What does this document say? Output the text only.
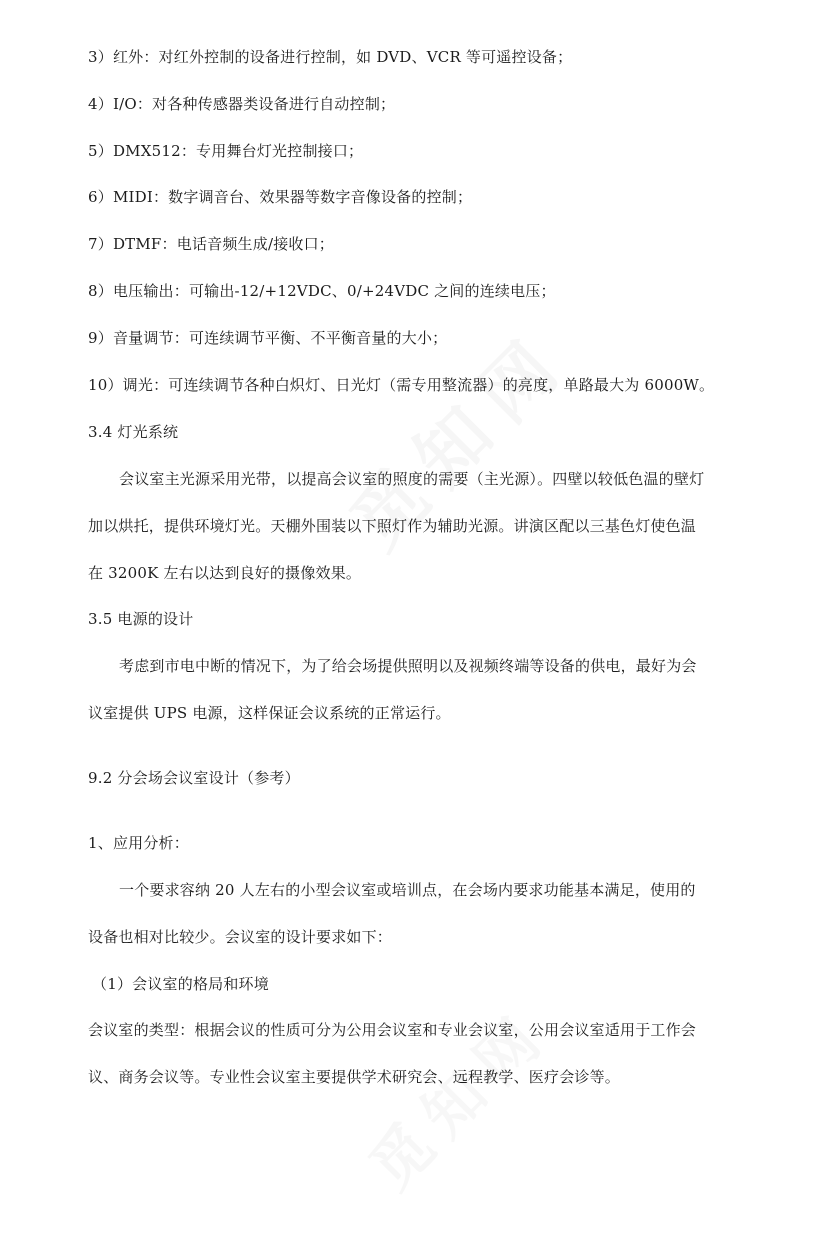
3）红外：对红外控制的设备进行控制，如 DVD、VCR 等可遥控设备；
4）I/O：对各种传感器类设备进行自动控制；
5）DMX512：专用舞台灯光控制接口；
6）MIDI：数字调音台、效果器等数字音像设备的控制；
7）DTMF：电话音频生成/接收口；
8）电压输出：可输出-12/+12VDC、0/+24VDC 之间的连续电压；
9）音量调节：可连续调节平衡、不平衡音量的大小；
10）调光：可连续调节各种白炽灯、日光灯（需专用整流器）的亮度，单路最大为 6000W。
3.4 灯光系统
会议室主光源采用光带，以提高会议室的照度的需要（主光源）。四壁以较低色温的壁灯
加以烘托，提供环境灯光。天棚外围装以下照灯作为辅助光源。讲演区配以三基色灯使色温
在 3200K 左右以达到良好的摄像效果。
3.5 电源的设计
考虑到市电中断的情况下，为了给会场提供照明以及视频终端等设备的供电，最好为会
议室提供 UPS 电源，这样保证会议系统的正常运行。
9.2 分会场会议室设计（参考）
1、应用分析：
一个要求容纳 20 人左右的小型会议室或培训点，在会场内要求功能基本满足，使用的
设备也相对比较少。会议室的设计要求如下：
（1）会议室的格局和环境
会议室的类型：根据会议的性质可分为公用会议室和专业会议室，公用会议室适用于工作会
议、商务会议等。专业性会议室主要提供学术研究会、远程教学、医疗会诊等。
